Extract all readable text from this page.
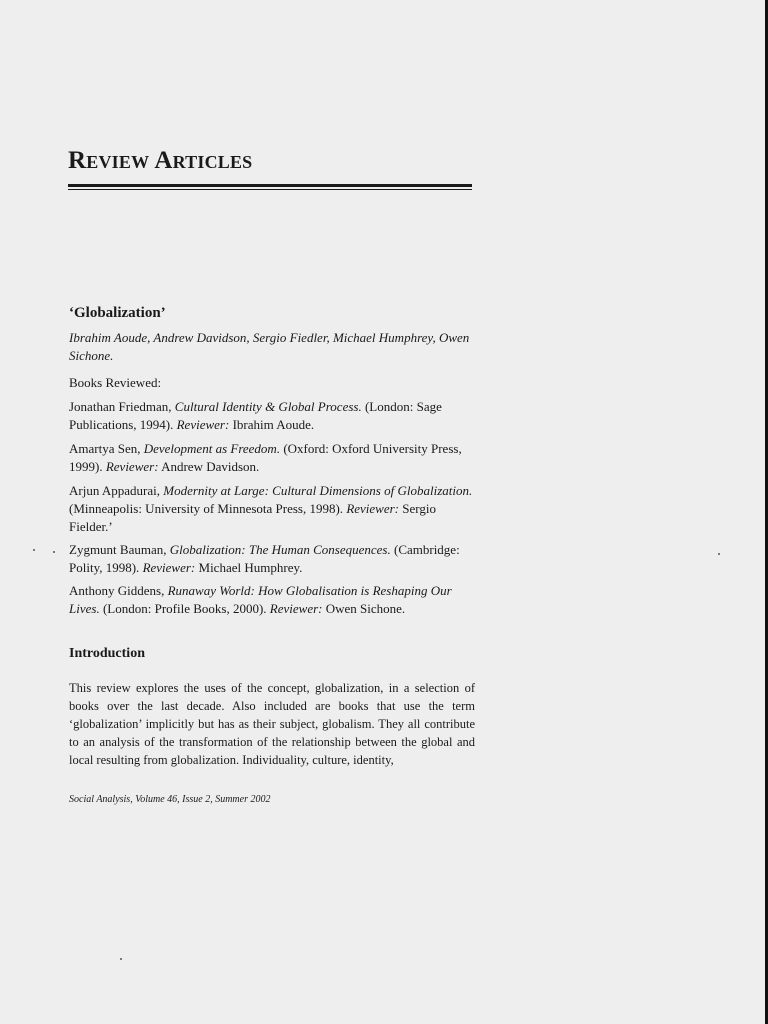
Review Articles
‘Globalization’

Ibrahim Aoude, Andrew Davidson, Sergio Fiedler, Michael Humphrey, Owen Sichone.

Books Reviewed:

Jonathan Friedman, Cultural Identity & Global Process. (London: Sage Publications, 1994). Reviewer: Ibrahim Aoude.

Amartya Sen, Development as Freedom. (Oxford: Oxford University Press, 1999). Reviewer: Andrew Davidson.

Arjun Appadurai, Modernity at Large: Cultural Dimensions of Globalization. (Minneapolis: University of Minnesota Press, 1998). Reviewer: Sergio Fielder.’

Zygmunt Bauman, Globalization: The Human Consequences. (Cambridge: Polity, 1998). Reviewer: Michael Humphrey.

Anthony Giddens, Runaway World: How Globalisation is Reshaping Our Lives. (London: Profile Books, 2000). Reviewer: Owen Sichone.

Introduction

This review explores the uses of the concept, globalization, in a selection of books over the last decade. Also included are books that use the term ‘globalization’ implicitly but has as their subject, globalism. They all contribute to an analysis of the transformation of the relationship between the global and local resulting from globalization. Individuality, culture, identity,

Social Analysis, Volume 46, Issue 2, Summer 2002
